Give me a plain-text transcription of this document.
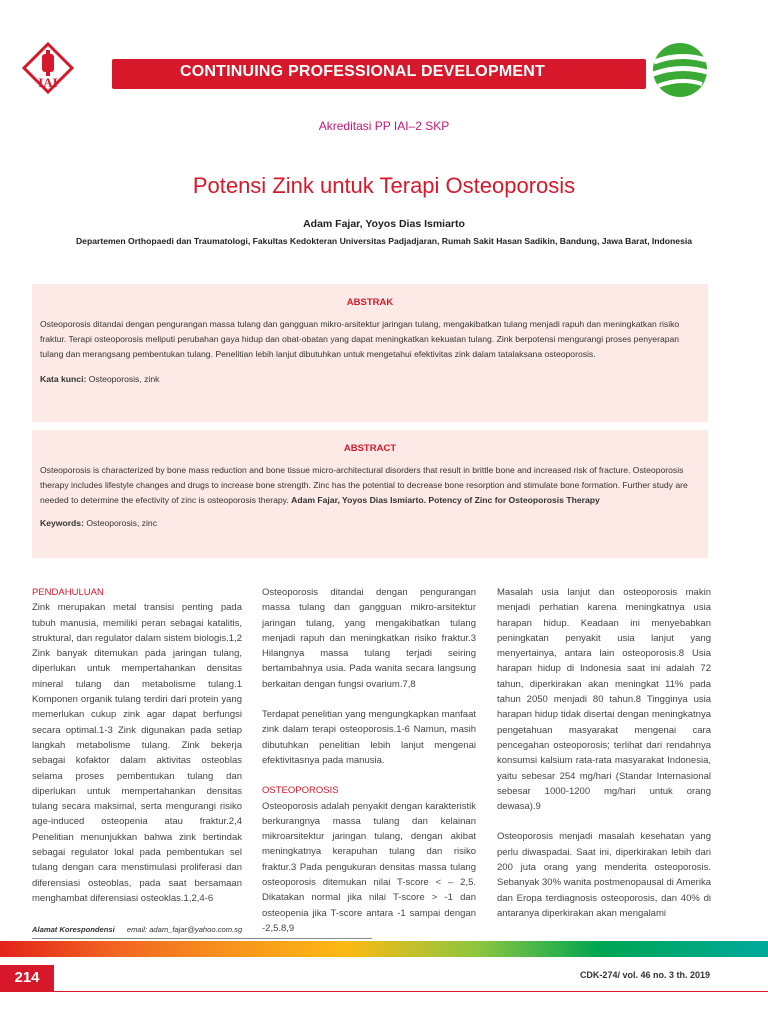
IAI
CONTINUING PROFESSIONAL DEVELOPMENT
Akreditasi PP IAI–2 SKP
Potensi Zink untuk Terapi Osteoporosis
Adam Fajar, Yoyos Dias Ismiarto
Departemen Orthopaedi dan Traumatologi, Fakultas Kedokteran Universitas Padjadjaran, Rumah Sakit Hasan Sadikin, Bandung, Jawa Barat, Indonesia
ABSTRAK
Osteoporosis ditandai dengan pengurangan massa tulang dan gangguan mikro-arsitektur jaringan tulang, mengakibatkan tulang menjadi rapuh dan meningkatkan risiko fraktur. Terapi osteoporosis meliputi perubahan gaya hidup dan obat-obatan yang dapat meningkatkan kekuatan tulang. Zink berpotensi mengurangi proses penyerapan tulang dan merangsang pembentukan tulang. Penelitian lebih lanjut dibutuhkan untuk mengetahui efektivitas zink dalam tatalaksana osteoporosis.
Kata kunci: Osteoporosis, zink
ABSTRACT
Osteoporosis is characterized by bone mass reduction and bone tissue micro-architectural disorders that result in brittle bone and increased risk of fracture. Osteoporosis therapy includes lifestyle changes and drugs to increase bone strength. Zinc has the potential to decrease bone resorption and stimulate bone formation. Further study are needed to determine the efectivity of zinc is osteoporosis therapy. Adam Fajar, Yoyos Dias Ismiarto. Potency of Zinc for Osteoporosis Therapy
Keywords: Osteoporosis, zinc
PENDAHULUAN
Zink merupakan metal transisi penting pada tubuh manusia, memiliki peran sebagai katalitis, struktural, dan regulator dalam sistem biologis.1,2 Zink banyak ditemukan pada jaringan tulang, diperlukan untuk mempertahankan densitas mineral tulang dan metabolisme tulang.1 Komponen organik tulang terdiri dari protein yang memerlukan cukup zink agar dapat berfungsi secara optimal.1-3 Zink digunakan pada setiap langkah metabolisme tulang. Zink bekerja sebagai kofaktor dalam aktivitas osteoblas selama proses pembentukan tulang dan diperlukan untuk mempertahankan densitas tulang secara maksimal, serta mengurangi risiko age-induced osteopenia atau fraktur.2,4 Penelitian menunjukkan bahwa zink bertindak sebagai regulator lokal pada pembentukan sel tulang dengan cara menstimulasi proliferasi dan diferensiasi osteoblas, pada saat bersamaan menghambat diferensiasi osteoklas.1,2,4-6
Osteoporosis ditandai dengan pengurangan massa tulang dan gangguan mikro-arsitektur jaringan tulang, yang mengakibatkan tulang menjadi rapuh dan meningkatkan risiko fraktur.3 Hilangnya massa tulang terjadi seiring bertambahnya usia. Pada wanita secara langsung berkaitan dengan fungsi ovarium.7,8
Terdapat penelitian yang mengungkapkan manfaat zink dalam terapi osteoporosis.1-6 Namun, masih dibutuhkan penelitian lebih lanjut mengenai efektivitasnya pada manusia.
OSTEOPOROSIS
Osteoporosis adalah penyakit dengan karakteristik berkurangnya massa tulang dan kelainan mikroarsitektur jaringan tulang, dengan akibat meningkatnya kerapuhan tulang dan risiko fraktur.3 Pada pengukuran densitas massa tulang osteoporosis ditemukan nilai T-score < – 2,5. Dikatakan normal jika nilai T-score > -1 dan osteopenia jika T-score antara -1 sampai dengan -2,5.8,9
Masalah usia lanjut dan osteoporosis makin menjadi perhatian karena meningkatnya usia harapan hidup. Keadaan ini menyebabkan peningkatan penyakit usia lanjut yang menyertainya, antara lain osteoporosis.8 Usia harapan hidup di Indonesia saat ini adalah 72 tahun, diperkirakan akan meningkat 11% pada tahun 2050 menjadi 80 tahun.8 Tingginya usia harapan hidup tidak disertai dengan meningkatnya pengetahuan masyarakat mengenai cara pencegahan osteoporosis; terlihat dari rendahnya konsumsi kalsium rata-rata masyarakat Indonesia, yaitu sebesar 254 mg/hari (Standar Internasional sebesar 1000-1200 mg/hari untuk orang dewasa).9
Osteoporosis menjadi masalah kesehatan yang perlu diwaspadai. Saat ini, diperkirakan lebih dari 200 juta orang yang menderita osteoporosis. Sebanyak 30% wanita postmenopausal di Amerika dan Eropa terdiagnosis osteoporosis, dan 40% di antaranya diperkirakan akan mengalami
Alamat Korespondensi email: adam_fajar@yahoo.com.sg
214	CDK-274/ vol. 46 no. 3 th. 2019
